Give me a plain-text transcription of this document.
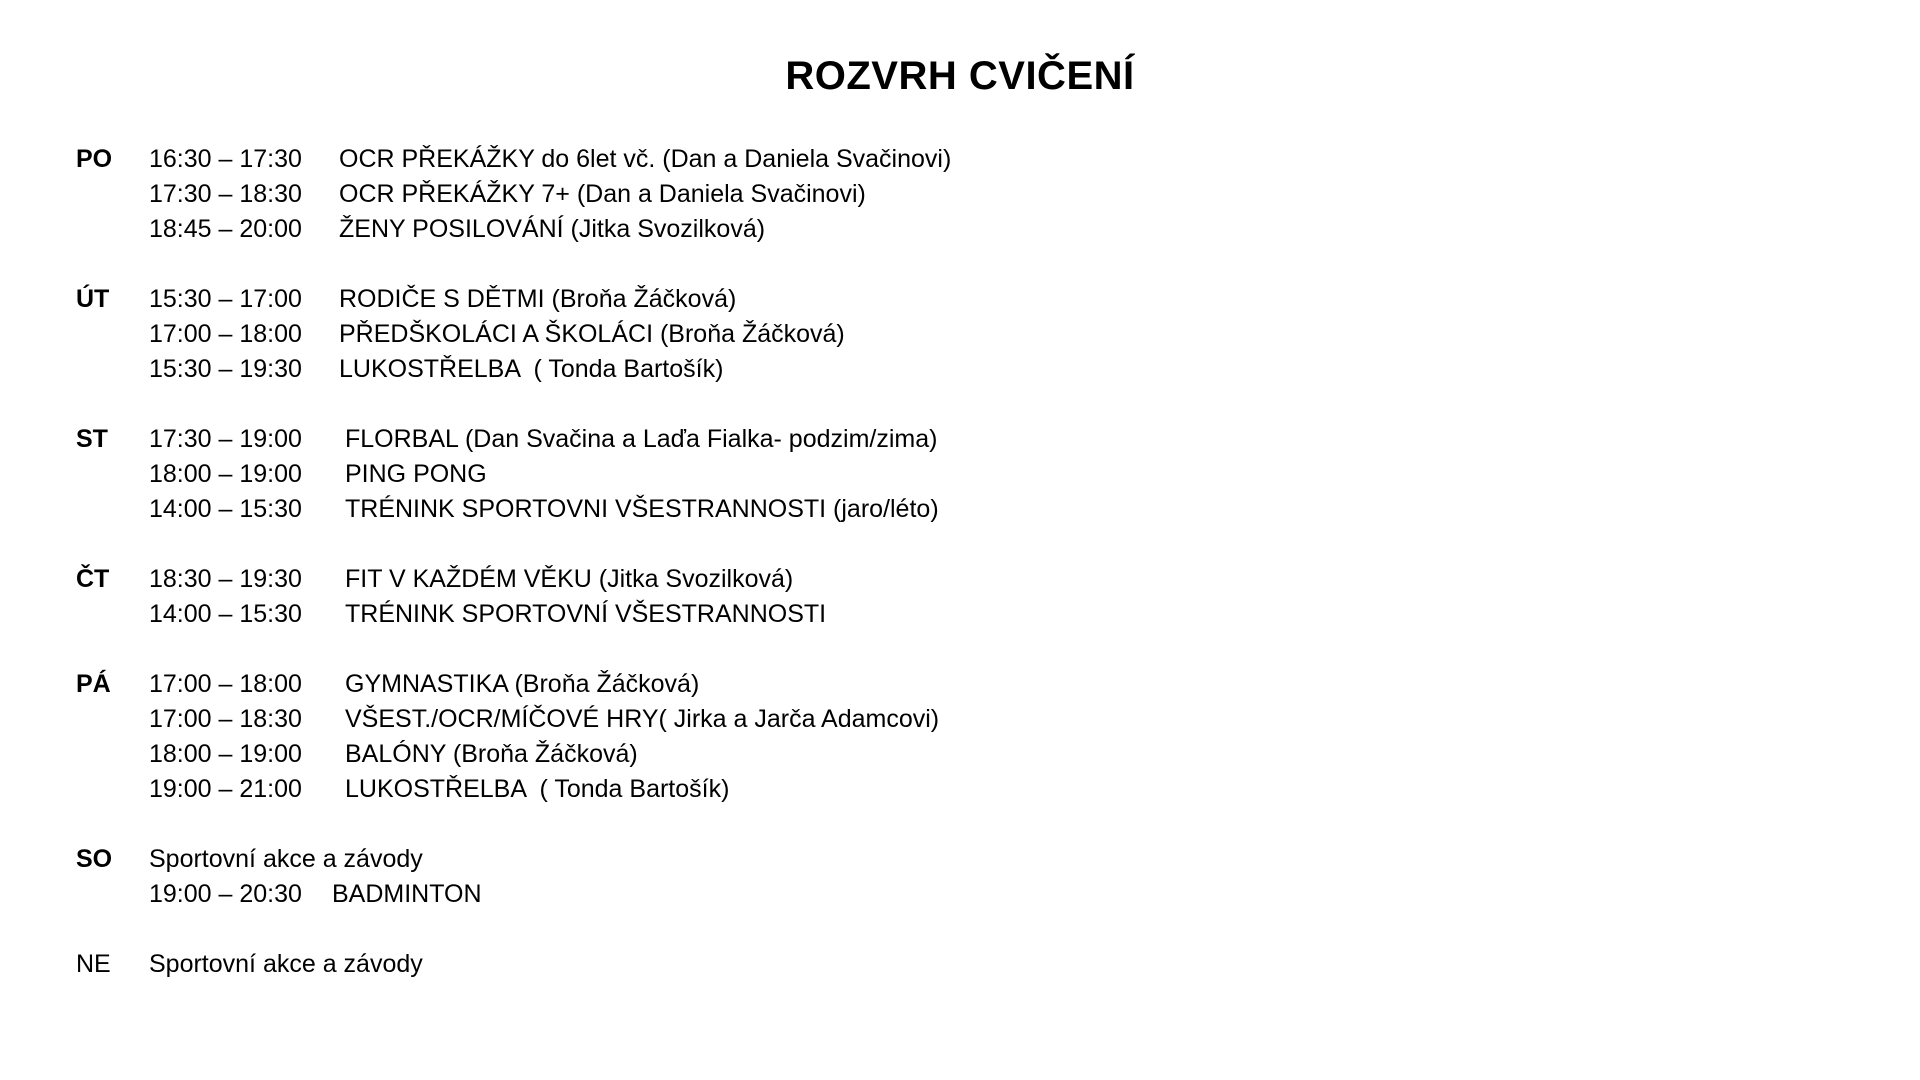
ROZVRH CVIČENÍ
PO	16:30 – 17:30 OCR PŘEKÁŽKY do 6let vč. (Dan a Daniela Svačinovi)
17:30 – 18:30 OCR PŘEKÁŽKY 7+ (Dan a Daniela Svačinovi)
18:45 – 20:00 ŽENY POSILOVÁNÍ (Jitka Svozilková)
ÚT	15:30 – 17:00 RODIČE S DĚTMI (Broňa Žáčková)
17:00 – 18:00 PŘEDŠKOLÁCI A ŠKOLÁCI (Broňa Žáčková)
15:30 – 19:30 LUKOSTŘELBA  ( Tonda Bartošík)
ST	17:30 – 19:00 FLORBAL (Dan Svačina a Laďa Fialka- podzim/zima)
18:00 – 19:00 PING PONG
14:00 – 15:30 TRÉNINK SPORTOVNI VŠESTRANNOSTI (jaro/léto)
ČT	18:30 – 19:30 FIT V KAŽDÉM VĚKU (Jitka Svozilková)
14:00 – 15:30 TRÉNINK SPORTOVNÍ VŠESTRANNOSTI
PÁ	17:00 – 18:00 GYMNASTIKA (Broňa Žáčková)
17:00 – 18:30 VŠEST./OCR/MÍČOVÉ HRY( Jirka a Jarča Adamcovi)
18:00 – 19:00 BALÓNY (Broňa Žáčková)
19:00 – 21:00 LUKOSTŘELBA  ( Tonda Bartošík)
SO	Sportovní akce a závody
19:00 – 20:30 BADMINTON
NE	Sportovní akce a závody
